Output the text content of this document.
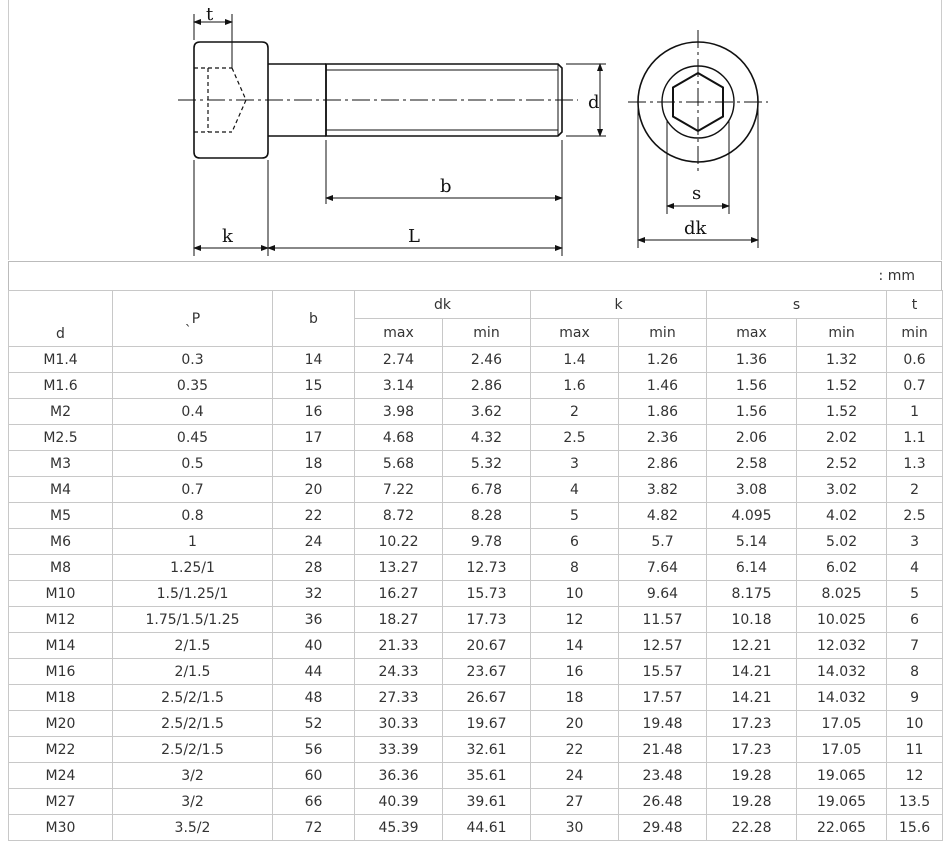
t
d
b
k	L
s
dk
: mm
d	ˎP	b	dk		k		s		t
			max	min	max	min	max	min	min
M1.4	0.3	14	2.74	2.46	1.4	1.26	1.36	1.32	0.6
M1.6	0.35	15	3.14	2.86	1.6	1.46	1.56	1.52	0.7
M2	0.4	16	3.98	3.62	2	1.86	1.56	1.52	1
M2.5	0.45	17	4.68	4.32	2.5	2.36	2.06	2.02	1.1
M3	0.5	18	5.68	5.32	3	2.86	2.58	2.52	1.3
M4	0.7	20	7.22	6.78	4	3.82	3.08	3.02	2
M5	0.8	22	8.72	8.28	5	4.82	4.095	4.02	2.5
M6	1	24	10.22	9.78	6	5.7	5.14	5.02	3
M8	1.25/1	28	13.27	12.73	8	7.64	6.14	6.02	4
M10	1.5/1.25/1	32	16.27	15.73	10	9.64	8.175	8.025	5
M12	1.75/1.5/1.25	36	18.27	17.73	12	11.57	10.18	10.025	6
M14	2/1.5	40	21.33	20.67	14	12.57	12.21	12.032	7
M16	2/1.5	44	24.33	23.67	16	15.57	14.21	14.032	8
M18	2.5/2/1.5	48	27.33	26.67	18	17.57	14.21	14.032	9
M20	2.5/2/1.5	52	30.33	19.67	20	19.48	17.23	17.05	10
M22	2.5/2/1.5	56	33.39	32.61	22	21.48	17.23	17.05	11
M24	3/2	60	36.36	35.61	24	23.48	19.28	19.065	12
M27	3/2	66	40.39	39.61	27	26.48	19.28	19.065	13.5
M30	3.5/2	72	45.39	44.61	30	29.48	22.28	22.065	15.6
